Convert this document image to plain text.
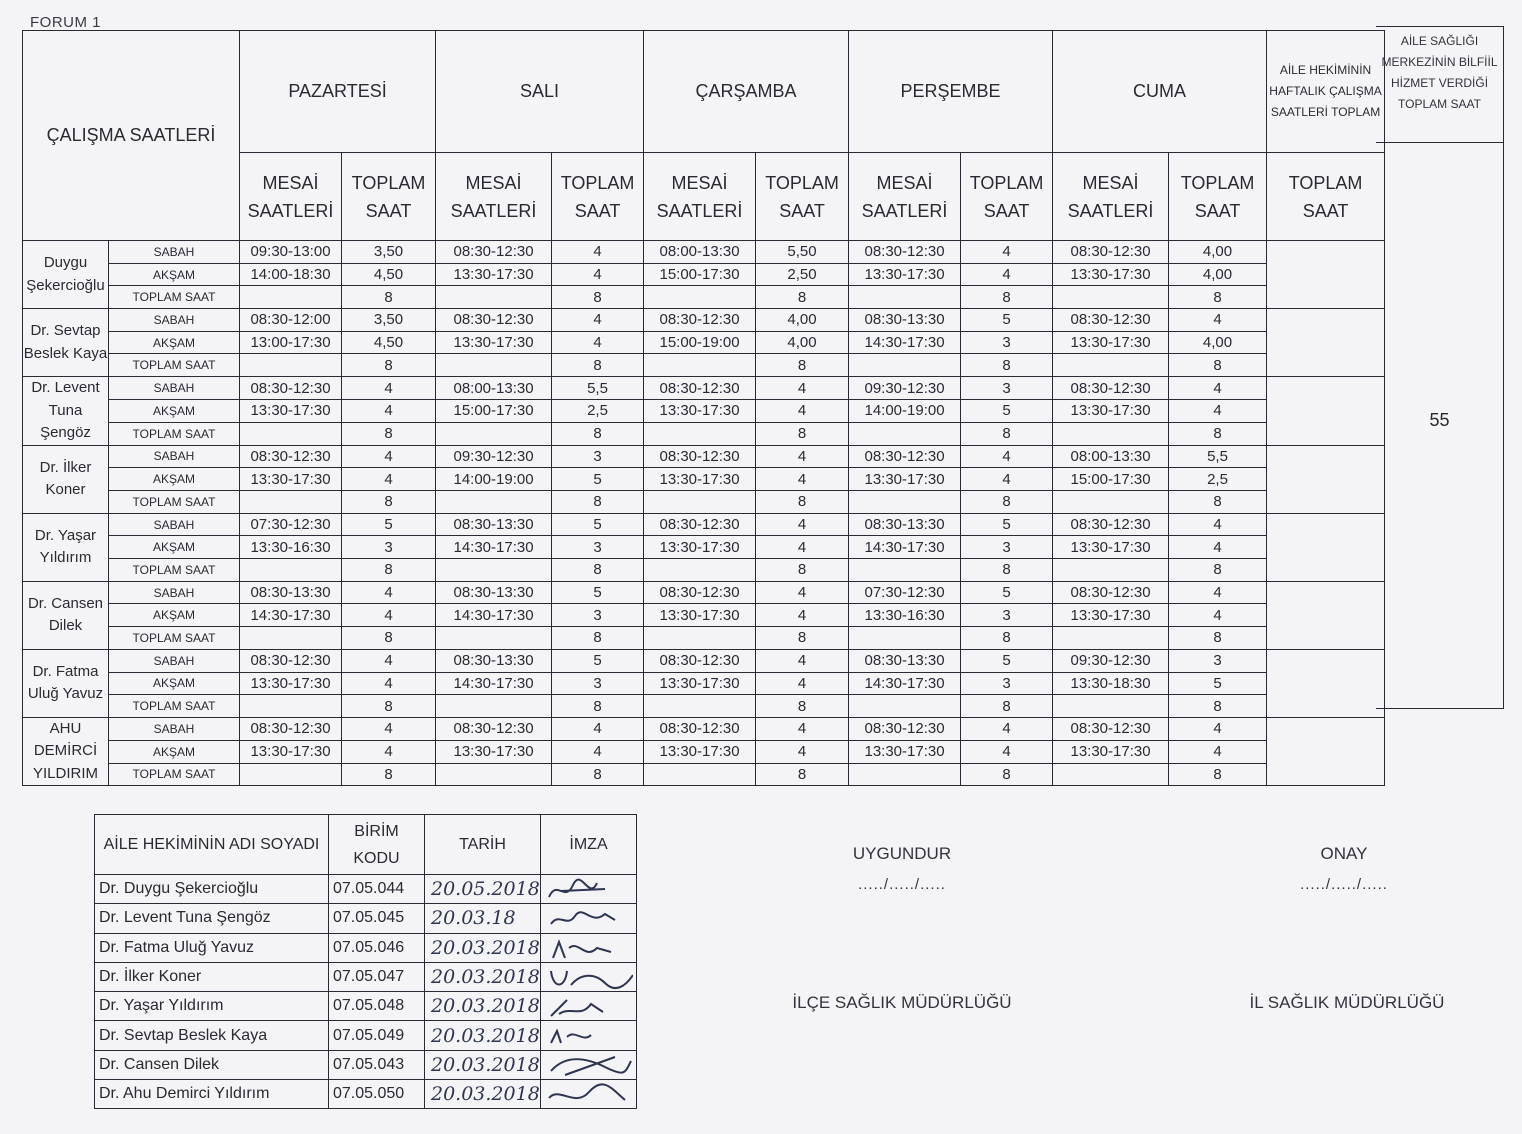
FORUM 1
ÇALIŞMA SAATLERİ		PAZARTESİ		SALI		ÇARŞAMBA		PERŞEMBE		CUMA		AİLE HEKİMİNİN HAFTALIK ÇALIŞMA SAATLERİ TOPLAM
		MESAİ SAATLERİ	TOPLAM SAAT	MESAİ SAATLERİ	TOPLAM SAAT	MESAİ SAATLERİ	TOPLAM SAAT	MESAİ SAATLERİ	TOPLAM SAAT	MESAİ SAATLERİ	TOPLAM SAAT	TOPLAM SAAT
Duygu Şekercioğlu	SABAH	09:30-13:00	3,50	08:30-12:30	4	08:00-13:30	5,50	08:30-12:30	4	08:30-12:30	4,00	
	AKŞAM	14:00-18:30	4,50	13:30-17:30	4	15:00-17:30	2,50	13:30-17:30	4	13:30-17:30	4,00	
	TOPLAM SAAT		8		8		8		8		8	
Dr. Sevtap Beslek Kaya	SABAH	08:30-12:00	3,50	08:30-12:30	4	08:30-12:30	4,00	08:30-13:30	5	08:30-12:30	4	
	AKŞAM	13:00-17:30	4,50	13:30-17:30	4	15:00-19:00	4,00	14:30-17:30	3	13:30-17:30	4,00	
	TOPLAM SAAT		8		8		8		8		8	
Dr. Levent Tuna Şengöz	SABAH	08:30-12:30	4	08:00-13:30	5,5	08:30-12:30	4	09:30-12:30	3	08:30-12:30	4	
	AKŞAM	13:30-17:30	4	15:00-17:30	2,5	13:30-17:30	4	14:00-19:00	5	13:30-17:30	4	
	TOPLAM SAAT		8		8		8		8		8	
Dr. İlker Koner	SABAH	08:30-12:30	4	09:30-12:30	3	08:30-12:30	4	08:30-12:30	4	08:00-13:30	5,5	
	AKŞAM	13:30-17:30	4	14:00-19:00	5	13:30-17:30	4	13:30-17:30	4	15:00-17:30	2,5	
	TOPLAM SAAT		8		8		8		8		8	
Dr. Yaşar Yıldırım	SABAH	07:30-12:30	5	08:30-13:30	5	08:30-12:30	4	08:30-13:30	5	08:30-12:30	4	
	AKŞAM	13:30-16:30	3	14:30-17:30	3	13:30-17:30	4	14:30-17:30	3	13:30-17:30	4	
	TOPLAM SAAT		8		8		8		8		8	
Dr. Cansen Dilek	SABAH	08:30-13:30	4	08:30-13:30	5	08:30-12:30	4	07:30-12:30	5	08:30-12:30	4	
	AKŞAM	14:30-17:30	4	14:30-17:30	3	13:30-17:30	4	13:30-16:30	3	13:30-17:30	4	
	TOPLAM SAAT		8		8		8		8		8	
Dr. Fatma Uluğ Yavuz	SABAH	08:30-12:30	4	08:30-13:30	5	08:30-12:30	4	08:30-13:30	5	09:30-12:30	3	
	AKŞAM	13:30-17:30	4	14:30-17:30	3	13:30-17:30	4	14:30-17:30	3	13:30-18:30	5	
	TOPLAM SAAT		8		8		8		8		8	
AHU DEMİRCİ YILDIRIM	SABAH	08:30-12:30	4	08:30-12:30	4	08:30-12:30	4	08:30-12:30	4	08:30-12:30	4	
	AKŞAM	13:30-17:30	4	13:30-17:30	4	13:30-17:30	4	13:30-17:30	4	13:30-17:30	4	
	TOPLAM SAAT		8		8		8		8		8	
AİLE SAĞLIĞI MERKEZİNİN BİLFİİL HİZMET VERDİĞİ TOPLAM SAAT
55
AİLE HEKİMİNİN ADI SOYADI	BİRİM KODU	TARİH	İMZA
Dr. Duygu Şekercioğlu	07.05.044	20.05.2018	

Dr. Levent Tuna Şengöz	07.05.045	20.03.18	

Dr. Fatma Uluğ Yavuz	07.05.046	20.03.2018	

Dr. İlker Koner	07.05.047	20.03.2018	

Dr. Yaşar Yıldırım	07.05.048	20.03.2018	

Dr. Sevtap Beslek Kaya	07.05.049	20.03.2018	

Dr. Cansen Dilek	07.05.043	20.03.2018	

Dr. Ahu Demirci Yıldırım	07.05.050	20.03.2018	
UYGUNDUR
...../...../.....
ONAY
...../...../.....
İLÇE SAĞLIK MÜDÜRLÜĞÜ	İL SAĞLIK MÜDÜRLÜĞÜ
